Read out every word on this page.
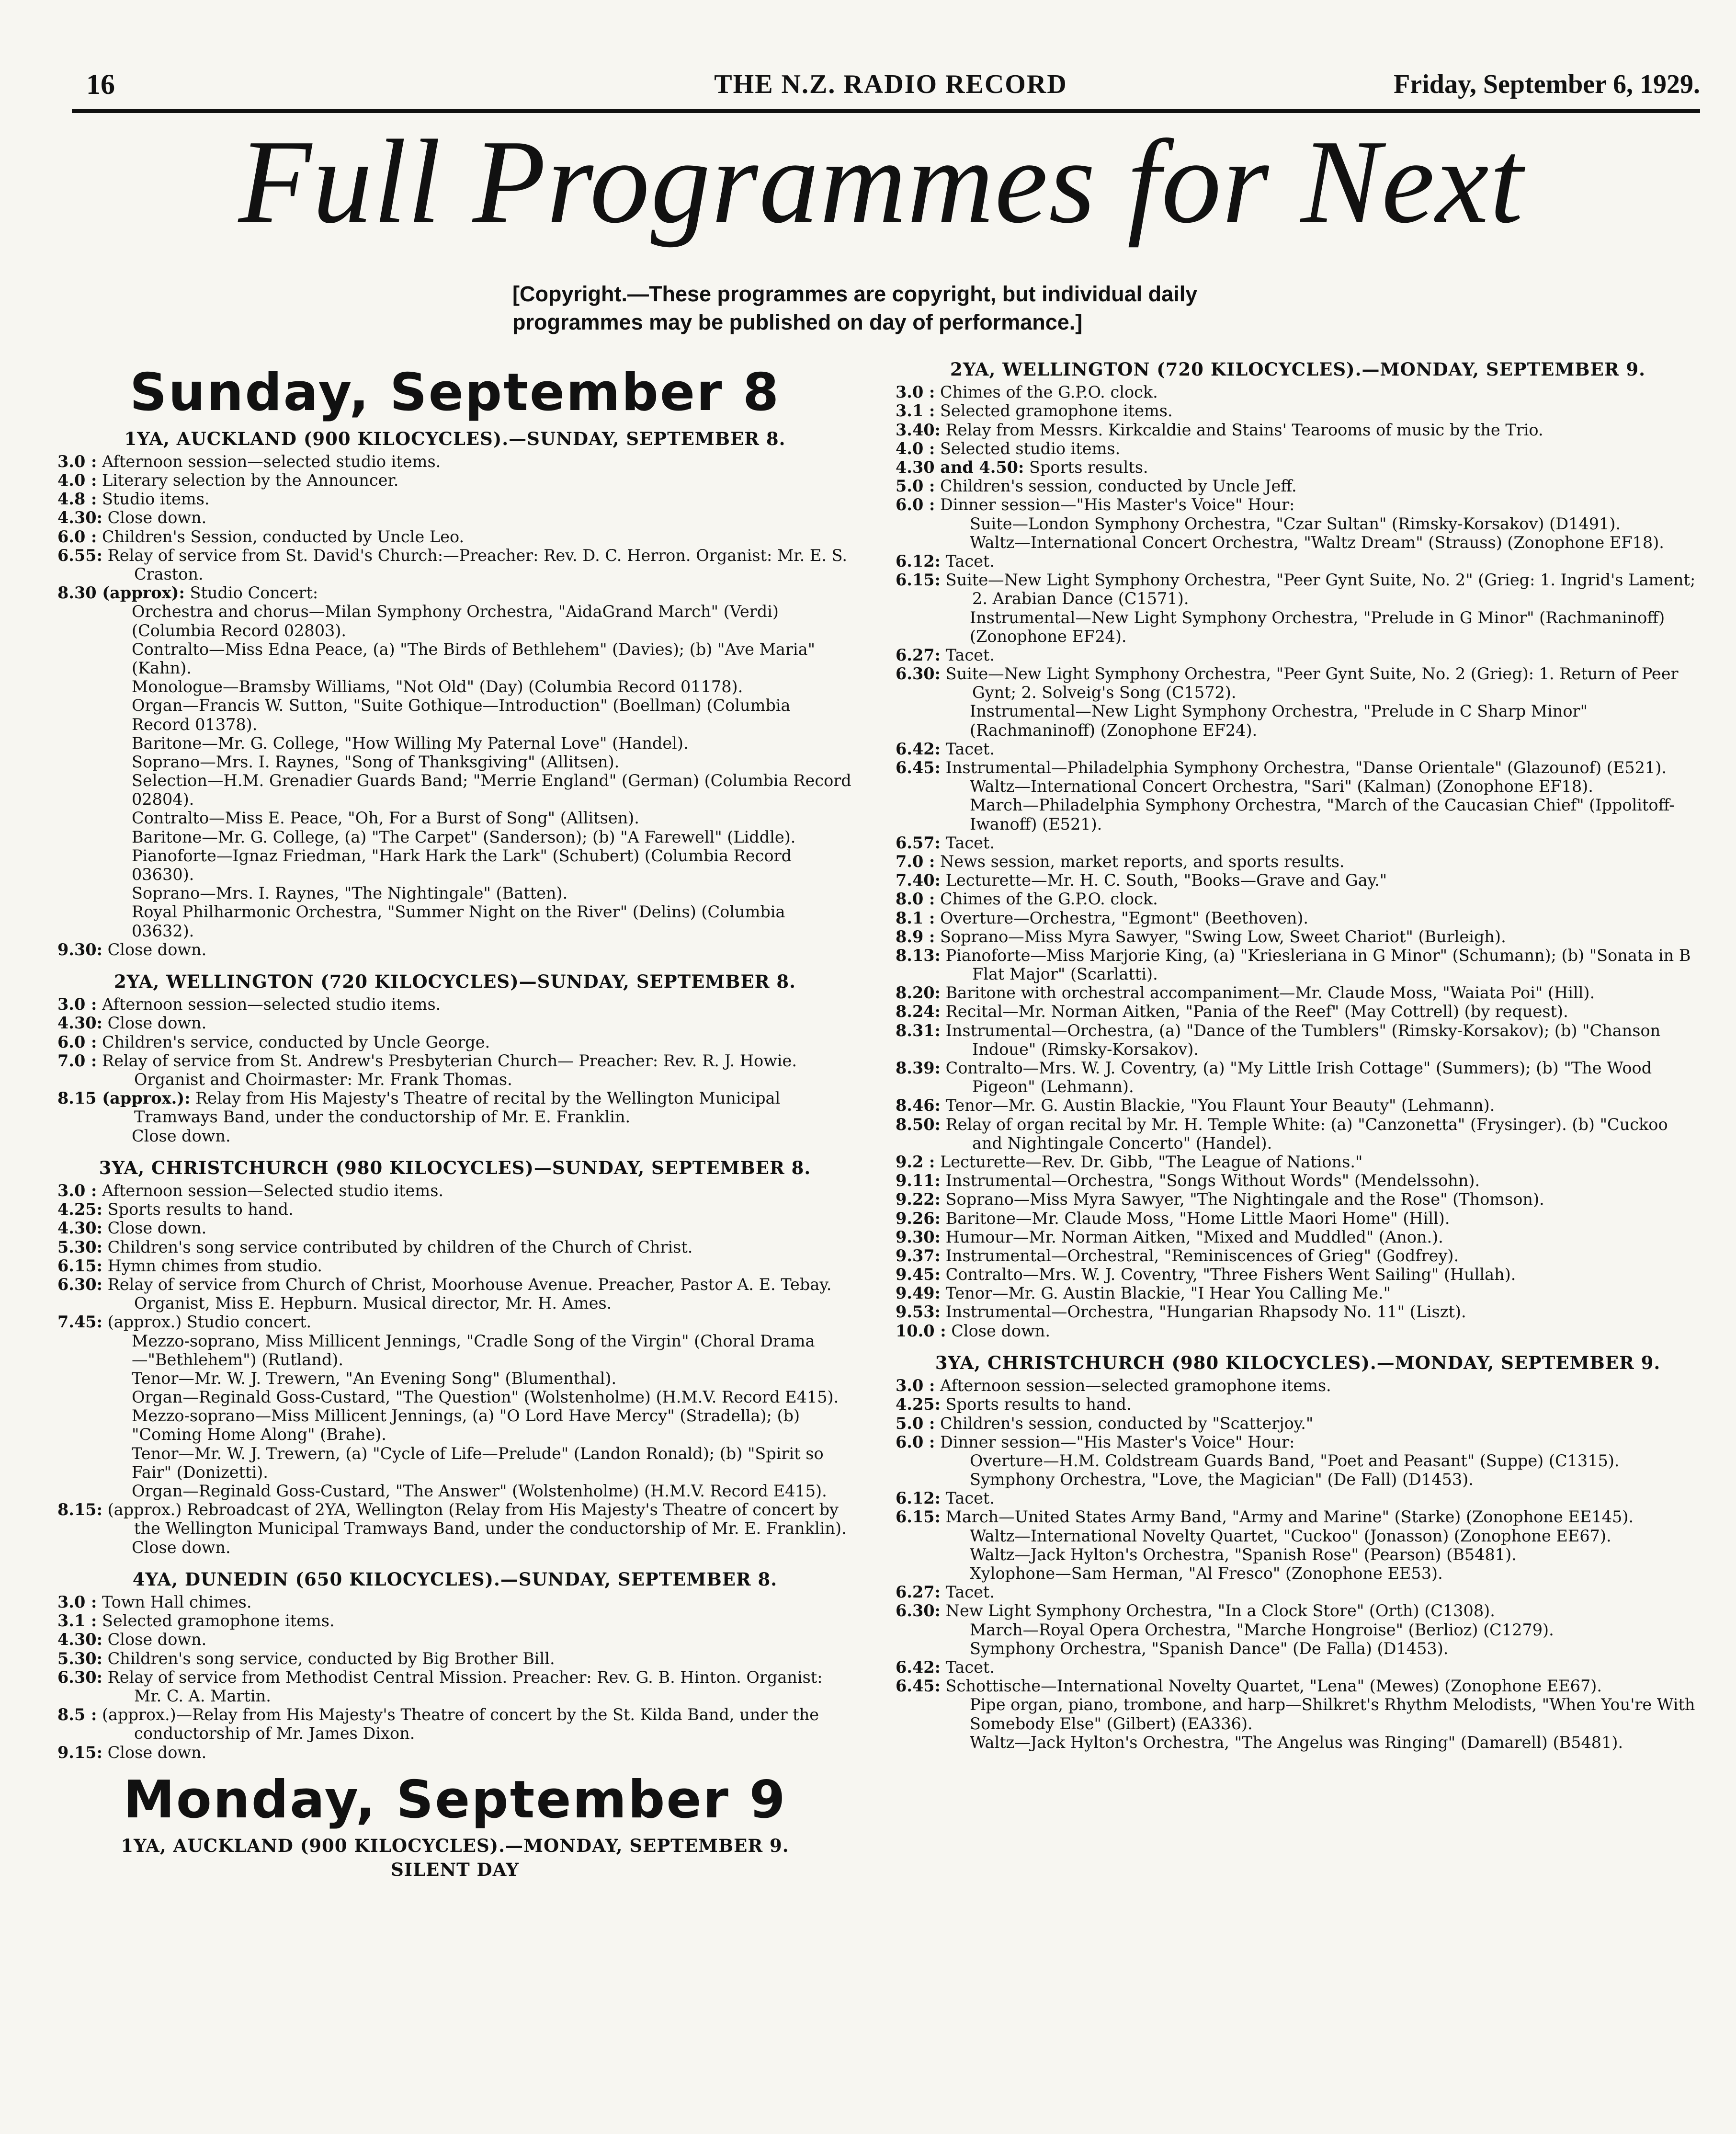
16	THE N.Z. RADIO RECORD	Friday, September 6, 1929.
Full Programmes for Next
[Copyright.—These programmes are copyright, but individual daily programmes may be published on day of performance.]
Sunday, September 8
1YA, AUCKLAND (900 KILOCYCLES).—SUNDAY, SEPTEMBER 8.
3.0 : Afternoon session—selected studio items.
4.0 : Literary selection by the Announcer.
4.8 : Studio items.
4.30: Close down.
6.0 : Children's Session, conducted by Uncle Leo.
6.55: Relay of service from St. David's Church:—Preacher: Rev. D. C. Herron. Organist: Mr. E. S. Craston.
8.30 (approx): Studio Concert:
Orchestra and chorus—Milan Symphony Orchestra, "AidaGrand March" (Verdi) (Columbia Record 02803).
Contralto—Miss Edna Peace, (a) "The Birds of Bethlehem" (Davies); (b) "Ave Maria" (Kahn).
Monologue—Bramsby Williams, "Not Old" (Day) (Columbia Record 01178).
Organ—Francis W. Sutton, "Suite Gothique—Introduction" (Boellman) (Columbia Record 01378).
Baritone—Mr. G. College, "How Willing My Paternal Love" (Handel).
Soprano—Mrs. I. Raynes, "Song of Thanksgiving" (Allitsen).
Selection—H.M. Grenadier Guards Band; "Merrie England" (German) (Columbia Record 02804).
Contralto—Miss E. Peace, "Oh, For a Burst of Song" (Allitsen).
Baritone—Mr. G. College, (a) "The Carpet" (Sanderson); (b) "A Farewell" (Liddle).
Pianoforte—Ignaz Friedman, "Hark Hark the Lark" (Schubert) (Columbia Record 03630).
Soprano—Mrs. I. Raynes, "The Nightingale" (Batten).
Royal Philharmonic Orchestra, "Summer Night on the River" (Delins) (Columbia 03632).
9.30: Close down.
2YA, WELLINGTON (720 KILOCYCLES)—SUNDAY, SEPTEMBER 8.
3.0 : Afternoon session—selected studio items.
4.30: Close down.
6.0 : Children's service, conducted by Uncle George.
7.0 : Relay of service from St. Andrew's Presbyterian Church— Preacher: Rev. R. J. Howie. Organist and Choirmaster: Mr. Frank Thomas.
8.15 (approx.): Relay from His Majesty's Theatre of recital by the Wellington Municipal Tramways Band, under the conductorship of Mr. E. Franklin.
Close down.
3YA, CHRISTCHURCH (980 KILOCYCLES)—SUNDAY, SEPTEMBER 8.
3.0 : Afternoon session—Selected studio items.
4.25: Sports results to hand.
4.30: Close down.
5.30: Children's song service contributed by children of the Church of Christ.
6.15: Hymn chimes from studio.
6.30: Relay of service from Church of Christ, Moorhouse Avenue. Preacher, Pastor A. E. Tebay. Organist, Miss E. Hepburn. Musical director, Mr. H. Ames.
7.45: (approx.) Studio concert.
Mezzo-soprano, Miss Millicent Jennings, "Cradle Song of the Virgin" (Choral Drama—"Bethlehem") (Rutland).
Tenor—Mr. W. J. Trewern, "An Evening Song" (Blumenthal).
Organ—Reginald Goss-Custard, "The Question" (Wolstenholme) (H.M.V. Record E415).
Mezzo-soprano—Miss Millicent Jennings, (a) "O Lord Have Mercy" (Stradella); (b) "Coming Home Along" (Brahe).
Tenor—Mr. W. J. Trewern, (a) "Cycle of Life—Prelude" (Landon Ronald); (b) "Spirit so Fair" (Donizetti).
Organ—Reginald Goss-Custard, "The Answer" (Wolstenholme) (H.M.V. Record E415).
8.15: (approx.) Rebroadcast of 2YA, Wellington (Relay from His Majesty's Theatre of concert by the Wellington Municipal Tramways Band, under the conductorship of Mr. E. Franklin).
Close down.
4YA, DUNEDIN (650 KILOCYCLES).—SUNDAY, SEPTEMBER 8.
3.0 : Town Hall chimes.
3.1 : Selected gramophone items.
4.30: Close down.
5.30: Children's song service, conducted by Big Brother Bill.
6.30: Relay of service from Methodist Central Mission. Preacher: Rev. G. B. Hinton. Organist: Mr. C. A. Martin.
8.5 : (approx.)—Relay from His Majesty's Theatre of concert by the St. Kilda Band, under the conductorship of Mr. James Dixon.
9.15: Close down.
Monday, September 9
1YA, AUCKLAND (900 KILOCYCLES).—MONDAY, SEPTEMBER 9.
SILENT DAY
2YA, WELLINGTON (720 KILOCYCLES).—MONDAY, SEPTEMBER 9.
3.0 : Chimes of the G.P.O. clock.
3.1 : Selected gramophone items.
3.40: Relay from Messrs. Kirkcaldie and Stains' Tearooms of music by the Trio.
4.0 : Selected studio items.
4.30 and 4.50: Sports results.
5.0 : Children's session, conducted by Uncle Jeff.
6.0 : Dinner session—"His Master's Voice" Hour:
Suite—London Symphony Orchestra, "Czar Sultan" (Rimsky-Korsakov) (D1491).
Waltz—International Concert Orchestra, "Waltz Dream" (Strauss) (Zonophone EF18).
6.12: Tacet.
6.15: Suite—New Light Symphony Orchestra, "Peer Gynt Suite, No. 2" (Grieg: 1. Ingrid's Lament; 2. Arabian Dance (C1571).
Instrumental—New Light Symphony Orchestra, "Prelude in G Minor" (Rachmaninoff) (Zonophone EF24).
6.27: Tacet.
6.30: Suite—New Light Symphony Orchestra, "Peer Gynt Suite, No. 2 (Grieg): 1. Return of Peer Gynt; 2. Solveig's Song (C1572).
Instrumental—New Light Symphony Orchestra, "Prelude in C Sharp Minor" (Rachmaninoff) (Zonophone EF24).
6.42: Tacet.
6.45: Instrumental—Philadelphia Symphony Orchestra, "Danse Orientale" (Glazounof) (E521).
Waltz—International Concert Orchestra, "Sari" (Kalman) (Zonophone EF18).
March—Philadelphia Symphony Orchestra, "March of the Caucasian Chief" (Ippolitoff-Iwanoff) (E521).
6.57: Tacet.
7.0 : News session, market reports, and sports results.
7.40: Lecturette—Mr. H. C. South, "Books—Grave and Gay."
8.0 : Chimes of the G.P.O. clock.
8.1 : Overture—Orchestra, "Egmont" (Beethoven).
8.9 : Soprano—Miss Myra Sawyer, "Swing Low, Sweet Chariot" (Burleigh).
8.13: Pianoforte—Miss Marjorie King, (a) "Kriesleriana in G Minor" (Schumann); (b) "Sonata in B Flat Major" (Scarlatti).
8.20: Baritone with orchestral accompaniment—Mr. Claude Moss, "Waiata Poi" (Hill).
8.24: Recital—Mr. Norman Aitken, "Pania of the Reef" (May Cottrell) (by request).
8.31: Instrumental—Orchestra, (a) "Dance of the Tumblers" (Rimsky-Korsakov); (b) "Chanson Indoue" (Rimsky-Korsakov).
8.39: Contralto—Mrs. W. J. Coventry, (a) "My Little Irish Cottage" (Summers); (b) "The Wood Pigeon" (Lehmann).
8.46: Tenor—Mr. G. Austin Blackie, "You Flaunt Your Beauty" (Lehmann).
8.50: Relay of organ recital by Mr. H. Temple White: (a) "Canzonetta" (Frysinger). (b) "Cuckoo and Nightingale Concerto" (Handel).
9.2 : Lecturette—Rev. Dr. Gibb, "The League of Nations."
9.11: Instrumental—Orchestra, "Songs Without Words" (Mendelssohn).
9.22: Soprano—Miss Myra Sawyer, "The Nightingale and the Rose" (Thomson).
9.26: Baritone—Mr. Claude Moss, "Home Little Maori Home" (Hill).
9.30: Humour—Mr. Norman Aitken, "Mixed and Muddled" (Anon.).
9.37: Instrumental—Orchestral, "Reminiscences of Grieg" (Godfrey).
9.45: Contralto—Mrs. W. J. Coventry, "Three Fishers Went Sailing" (Hullah).
9.49: Tenor—Mr. G. Austin Blackie, "I Hear You Calling Me."
9.53: Instrumental—Orchestra, "Hungarian Rhapsody No. 11" (Liszt).
10.0 : Close down.
3YA, CHRISTCHURCH (980 KILOCYCLES).—MONDAY, SEPTEMBER 9.
3.0 : Afternoon session—selected gramophone items.
4.25: Sports results to hand.
5.0 : Children's session, conducted by "Scatterjoy."
6.0 : Dinner session—"His Master's Voice" Hour:
Overture—H.M. Coldstream Guards Band, "Poet and Peasant" (Suppe) (C1315).
Symphony Orchestra, "Love, the Magician" (De Fall) (D1453).
6.12: Tacet.
6.15: March—United States Army Band, "Army and Marine" (Starke) (Zonophone EE145).
Waltz—International Novelty Quartet, "Cuckoo" (Jonasson) (Zonophone EE67).
Waltz—Jack Hylton's Orchestra, "Spanish Rose" (Pearson) (B5481).
Xylophone—Sam Herman, "Al Fresco" (Zonophone EE53).
6.27: Tacet.
6.30: New Light Symphony Orchestra, "In a Clock Store" (Orth) (C1308).
March—Royal Opera Orchestra, "Marche Hongroise" (Berlioz) (C1279).
Symphony Orchestra, "Spanish Dance" (De Falla) (D1453).
6.42: Tacet.
6.45: Schottische—International Novelty Quartet, "Lena" (Mewes) (Zonophone EE67).
Pipe organ, piano, trombone, and harp—Shilkret's Rhythm Melodists, "When You're With Somebody Else" (Gilbert) (EA336).
Waltz—Jack Hylton's Orchestra, "The Angelus was Ringing" (Damarell) (B5481).
